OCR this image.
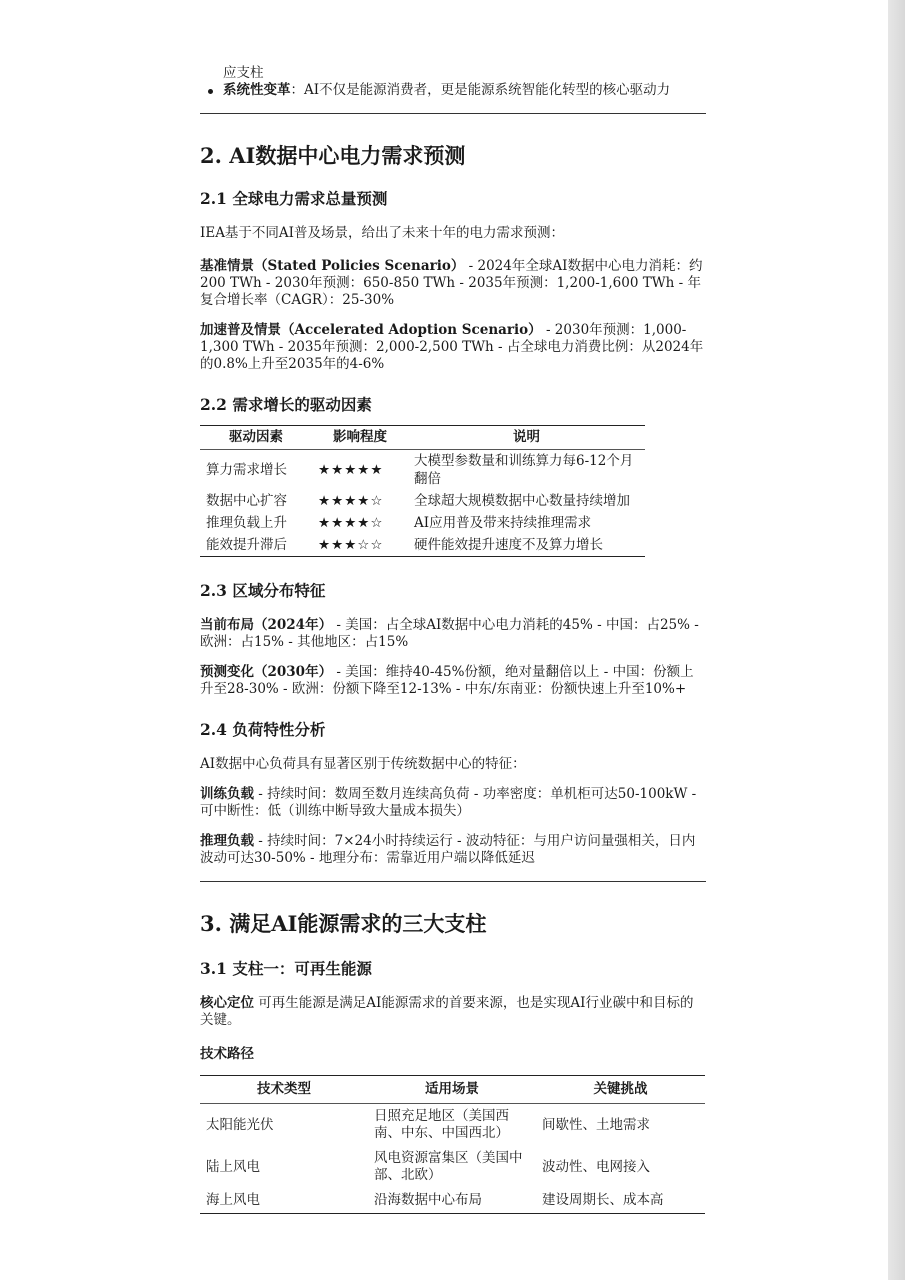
应支柱

系统性变革：AI不仅是能源消费者，更是能源系统智能化转型的核心驱动力
2. AI数据中心电力需求预测
2.1 全球电力需求总量预测

IEA基于不同AI普及场景，给出了未来十年的电力需求预测：

基准情景（Stated Policies Scenario） - 2024年全球AI数据中心电力消耗：约200 TWh - 2030年预测：650-850 TWh - 2035年预测：1,200-1,600 TWh - 年复合增长率（CAGR）：25-30%

加速普及情景（Accelerated Adoption Scenario） - 2030年预测：1,000-1,300 TWh - 2035年预测：2,000-2,500 TWh - 占全球电力消费比例：从2024年的0.8%上升至2035年的4-6%

2.2 需求增长的驱动因素
驱动因素	影响程度	说明
算力需求增长	★★★★★	大模型参数量和训练算力每6-12个月翻倍
数据中心扩容	★★★★☆	全球超大规模数据中心数量持续增加
推理负载上升	★★★★☆	AI应用普及带来持续推理需求
能效提升滞后	★★★☆☆	硬件能效提升速度不及算力增长
2.3 区域分布特征

当前布局（2024年） - 美国：占全球AI数据中心电力消耗的45% - 中国：占25% - 欧洲：占15% - 其他地区：占15%

预测变化（2030年） - 美国：维持40-45%份额，绝对量翻倍以上 - 中国：份额上升至28-30% - 欧洲：份额下降至12-13% - 中东/东南亚：份额快速上升至10%+

2.4 负荷特性分析

AI数据中心负荷具有显著区别于传统数据中心的特征：

训练负载 - 持续时间：数周至数月连续高负荷 - 功率密度：单机柜可达50-100kW - 可中断性：低（训练中断导致大量成本损失）

推理负载 - 持续时间：7×24小时持续运行 - 波动特征：与用户访问量强相关，日内波动可达30-50% - 地理分布：需靠近用户端以降低延迟

3. 满足AI能源需求的三大支柱
3.1 支柱一：可再生能源

核心定位 可再生能源是满足AI能源需求的首要来源，也是实现AI行业碳中和目标的关键。

技术路径
技术类型	适用场景	关键挑战
太阳能光伏	日照充足地区（美国西南、中东、中国西北）	间歇性、土地需求
陆上风电	风电资源富集区（美国中部、北欧）	波动性、电网接入
海上风电	沿海数据中心布局	建设周期长、成本高
